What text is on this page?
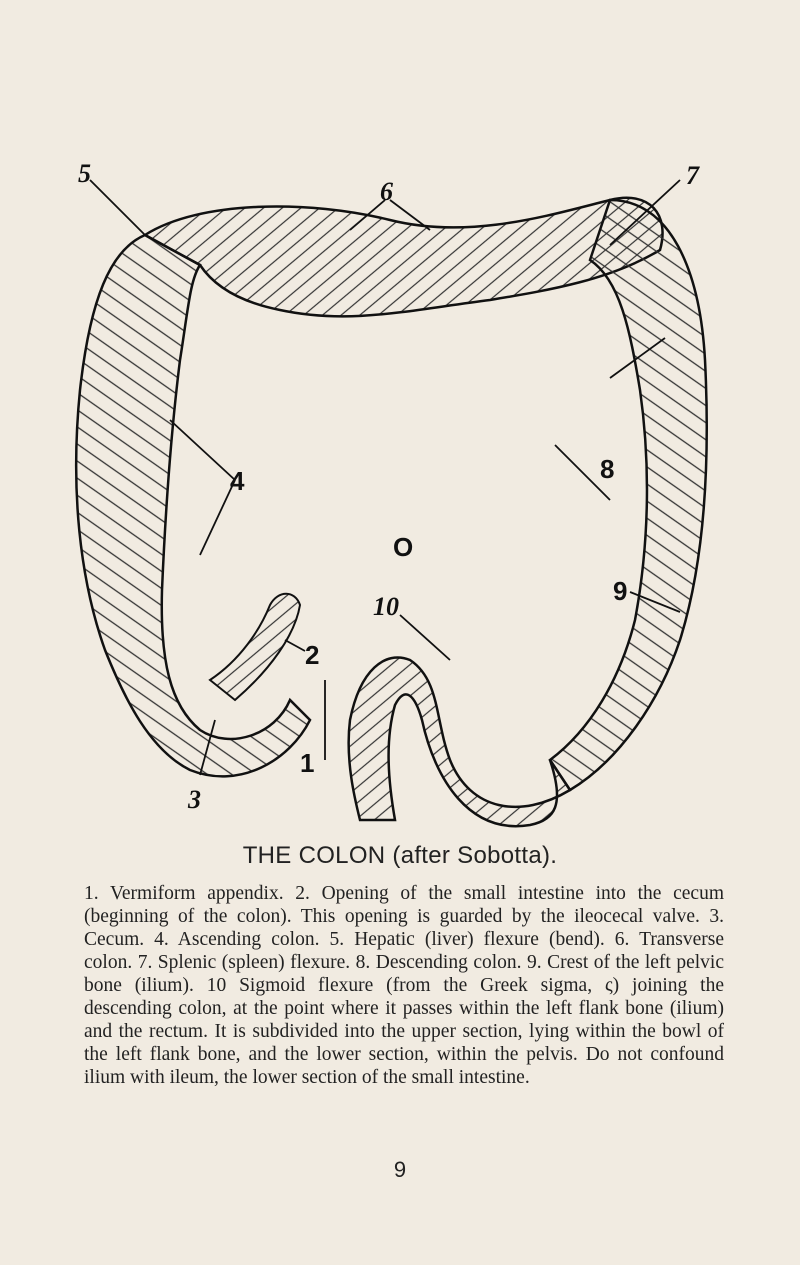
5
6
7
4	8
O
9
10
2
1
3
THE COLON (after Sobotta).

1. Vermiform appendix. 2. Opening of the small intestine into the cecum (beginning of the colon). This opening is guarded by the ileocecal valve. 3. Cecum. 4. Ascending colon. 5. Hepatic (liver) flexure (bend). 6. Transverse colon. 7. Splenic (spleen) flexure. 8. Descending colon. 9. Crest of the left pelvic bone (ilium). 10 Sigmoid flexure (from the Greek sigma, ς) joining the descending colon, at the point where it passes within the left flank bone (ilium) and the rectum. It is subdivided into the upper section, lying within the bowl of the left flank bone, and the lower section, within the pelvis. Do not confound ilium with ileum, the lower section of the small intestine.

9
